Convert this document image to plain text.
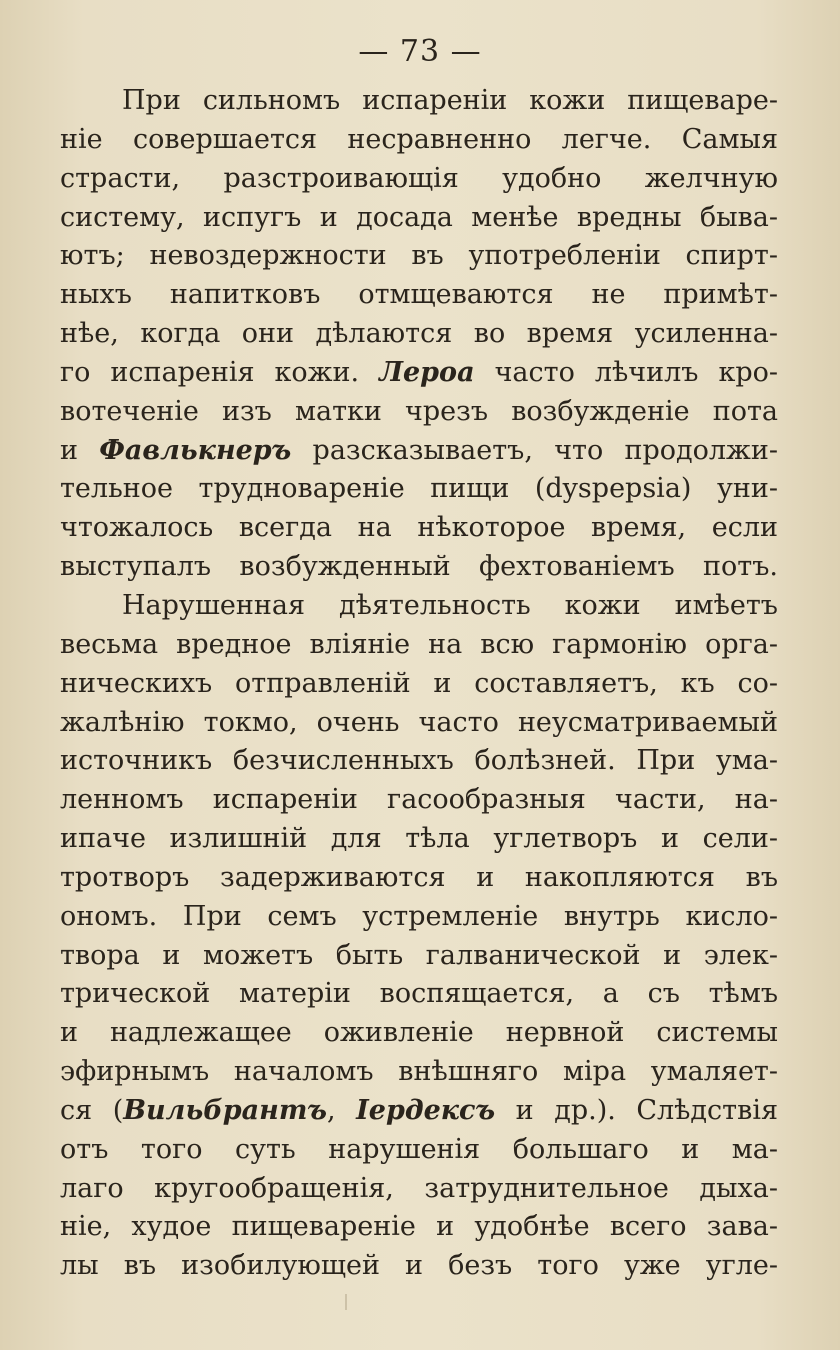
— 73 —
При сильномъ испареніи кожи пищеваре-
ніе совершается несравненно легче. Самыя
страсти, разстроивающія удобно желчную
систему, испугъ и досада менѣе вредны быва-
ютъ; невоздержности въ употребленіи спирт-
ныхъ напитковъ отмщеваются не примѣт-
нѣе, когда они дѣлаются во время усиленна-
го испаренія кожи. Лероа часто лѣчилъ кро-
вотеченіе изъ матки чрезъ возбужденіе пота
и Фавлькнеръ разсказываетъ, что продолжи-
тельное трудновареніе пищи (dyspepsia) уни-
чтожалось всегда на нѣкоторое время, если
выступалъ возбужденный фехтованіемъ потъ.
Нарушенная дѣятельность кожи имѣетъ
весьма вредное вліяніе на всю гармонію орга-
ническихъ отправленій и составляетъ, къ со-
жалѣнію токмо, очень часто неусматриваемый
источникъ безчисленныхъ болѣзней. При ума-
ленномъ испареніи гасообразныя части, на-
ипаче излишній для тѣла углетворъ и сели-
тротворъ задерживаются и накопляются въ
ономъ. При семъ устремленіе внутрь кисло-
твора и можетъ быть галванической и элек-
трической матеріи воспящается, а съ тѣмъ
и надлежащее оживленіе нервной системы
эфирнымъ началомъ внѣшняго міра умаляет-
ся (Вильбрантъ, Іердексъ и др.). Слѣдствія
отъ того суть нарушенія большаго и ма-
лаго кругообращенія, затруднительное дыха-
ніе, худое пищевареніе и удобнѣе всего зава-
лы въ изобилующей и безъ того уже угле-
